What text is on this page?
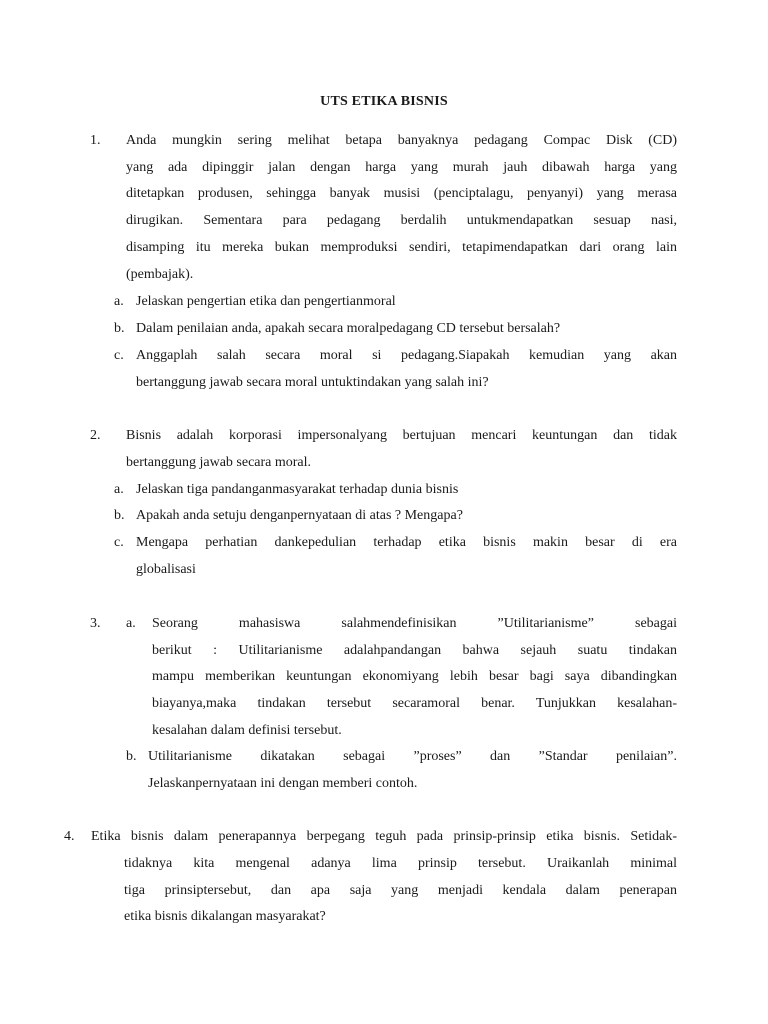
UTS ETIKA BISNIS
1. Anda mungkin sering melihat betapa banyaknya pedagang Compac Disk (CD)
yang ada dipinggir jalan dengan harga yang murah jauh dibawah harga yang
ditetapkan produsen, sehingga banyak musisi (penciptalagu, penyanyi) yang merasa
dirugikan. Sementara para pedagang berdalih untukmendapatkan sesuap nasi,
disamping itu mereka bukan memproduksi sendiri, tetapimendapatkan dari orang lain
(pembajak).
a. Jelaskan pengertian etika dan pengertianmoral
b. Dalam penilaian anda, apakah secara moralpedagang CD tersebut bersalah?
c. Anggaplah salah secara moral si pedagang.Siapakah kemudian yang akan
bertanggung jawab secara moral untuktindakan yang salah ini?
2. Bisnis adalah korporasi impersonalyang bertujuan mencari keuntungan dan tidak
bertanggung jawab secara moral.
a. Jelaskan tiga pandanganmasyarakat terhadap dunia bisnis
b. Apakah anda setuju denganpernyataan di atas ? Mengapa?
c. Mengapa perhatian dankepedulian terhadap etika bisnis makin besar di era
globalisasi
3. a. Seorang mahasiswa salahmendefinisikan ”Utilitarianisme” sebagai
berikut : Utilitarianisme adalahpandangan bahwa sejauh suatu tindakan
mampu memberikan keuntungan ekonomiyang lebih besar bagi saya dibandingkan
biayanya,maka tindakan tersebut secaramoral benar. Tunjukkan kesalahan-
kesalahan dalam definisi tersebut.
b. Utilitarianisme dikatakan sebagai ”proses” dan ”Standar penilaian”.
Jelaskanpernyataan ini dengan memberi contoh.
4. Etika bisnis dalam penerapannya berpegang teguh pada prinsip-prinsip etika bisnis. Setidak-
tidaknya kita mengenal adanya lima prinsip tersebut. Uraikanlah minimal
tiga prinsiptersebut, dan apa saja yang menjadi kendala dalam penerapan
etika bisnis dikalangan masyarakat?
